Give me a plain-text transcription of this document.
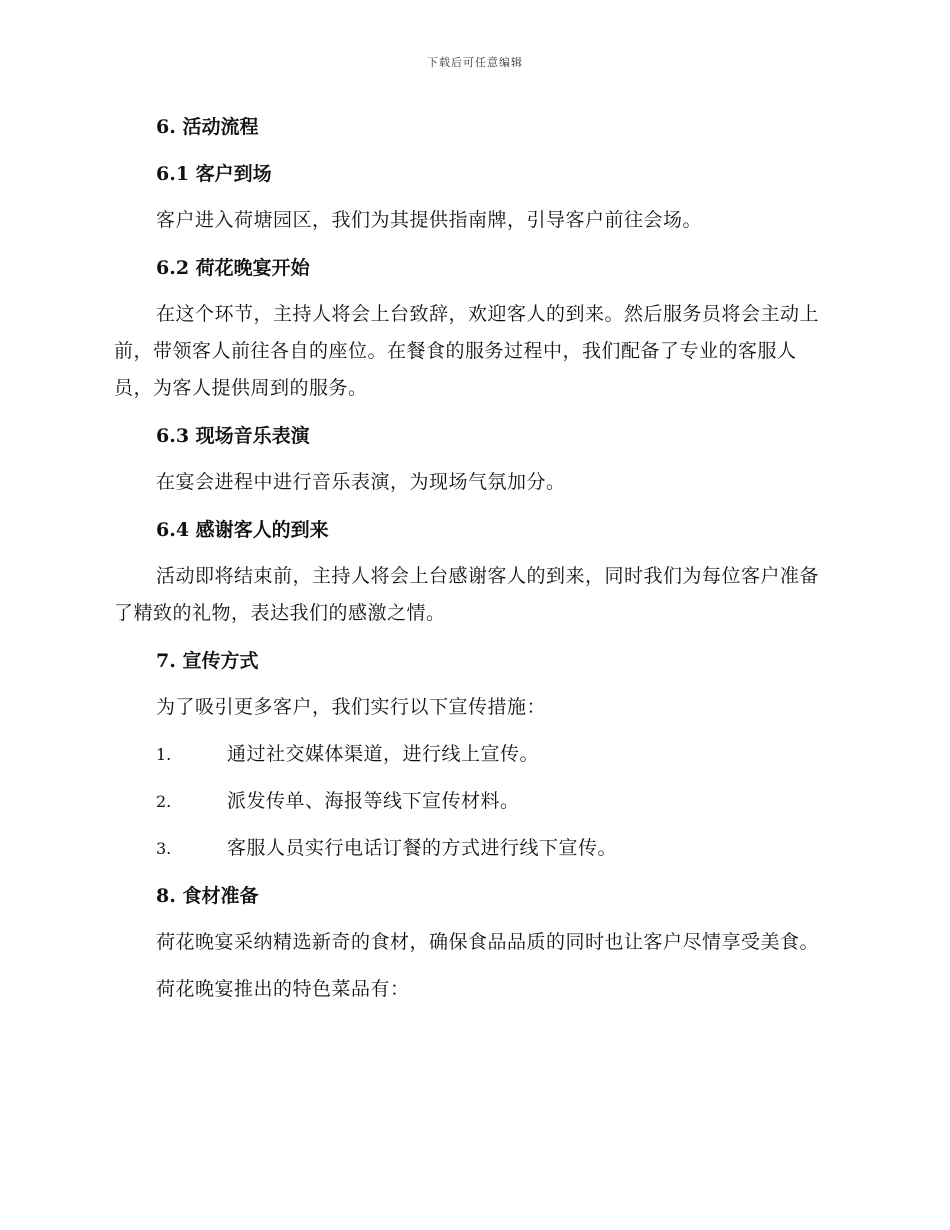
下载后可任意编辑
6. 活动流程
6.1 客户到场

客户进入荷塘园区，我们为其提供指南牌，引导客户前往会场。

6.2 荷花晚宴开始

在这个环节，主持人将会上台致辞，欢迎客人的到来。然后服务员将会主动上前，带领客人前往各自的座位。在餐食的服务过程中，我们配备了专业的客服人员，为客人提供周到的服务。

6.3 现场音乐表演

在宴会进程中进行音乐表演，为现场气氛加分。

6.4 感谢客人的到来

活动即将结束前，主持人将会上台感谢客人的到来，同时我们为每位客户准备了精致的礼物，表达我们的感激之情。

7. 宣传方式

为了吸引更多客户，我们实行以下宣传措施：

1.	通过社交媒体渠道，进行线上宣传。
2.	派发传单、海报等线下宣传材料。
3.	客服人员实行电话订餐的方式进行线下宣传。
8. 食材准备

荷花晚宴采纳精选新奇的食材，确保食品品质的同时也让客户尽情享受美食。

荷花晚宴推出的特色菜品有：
